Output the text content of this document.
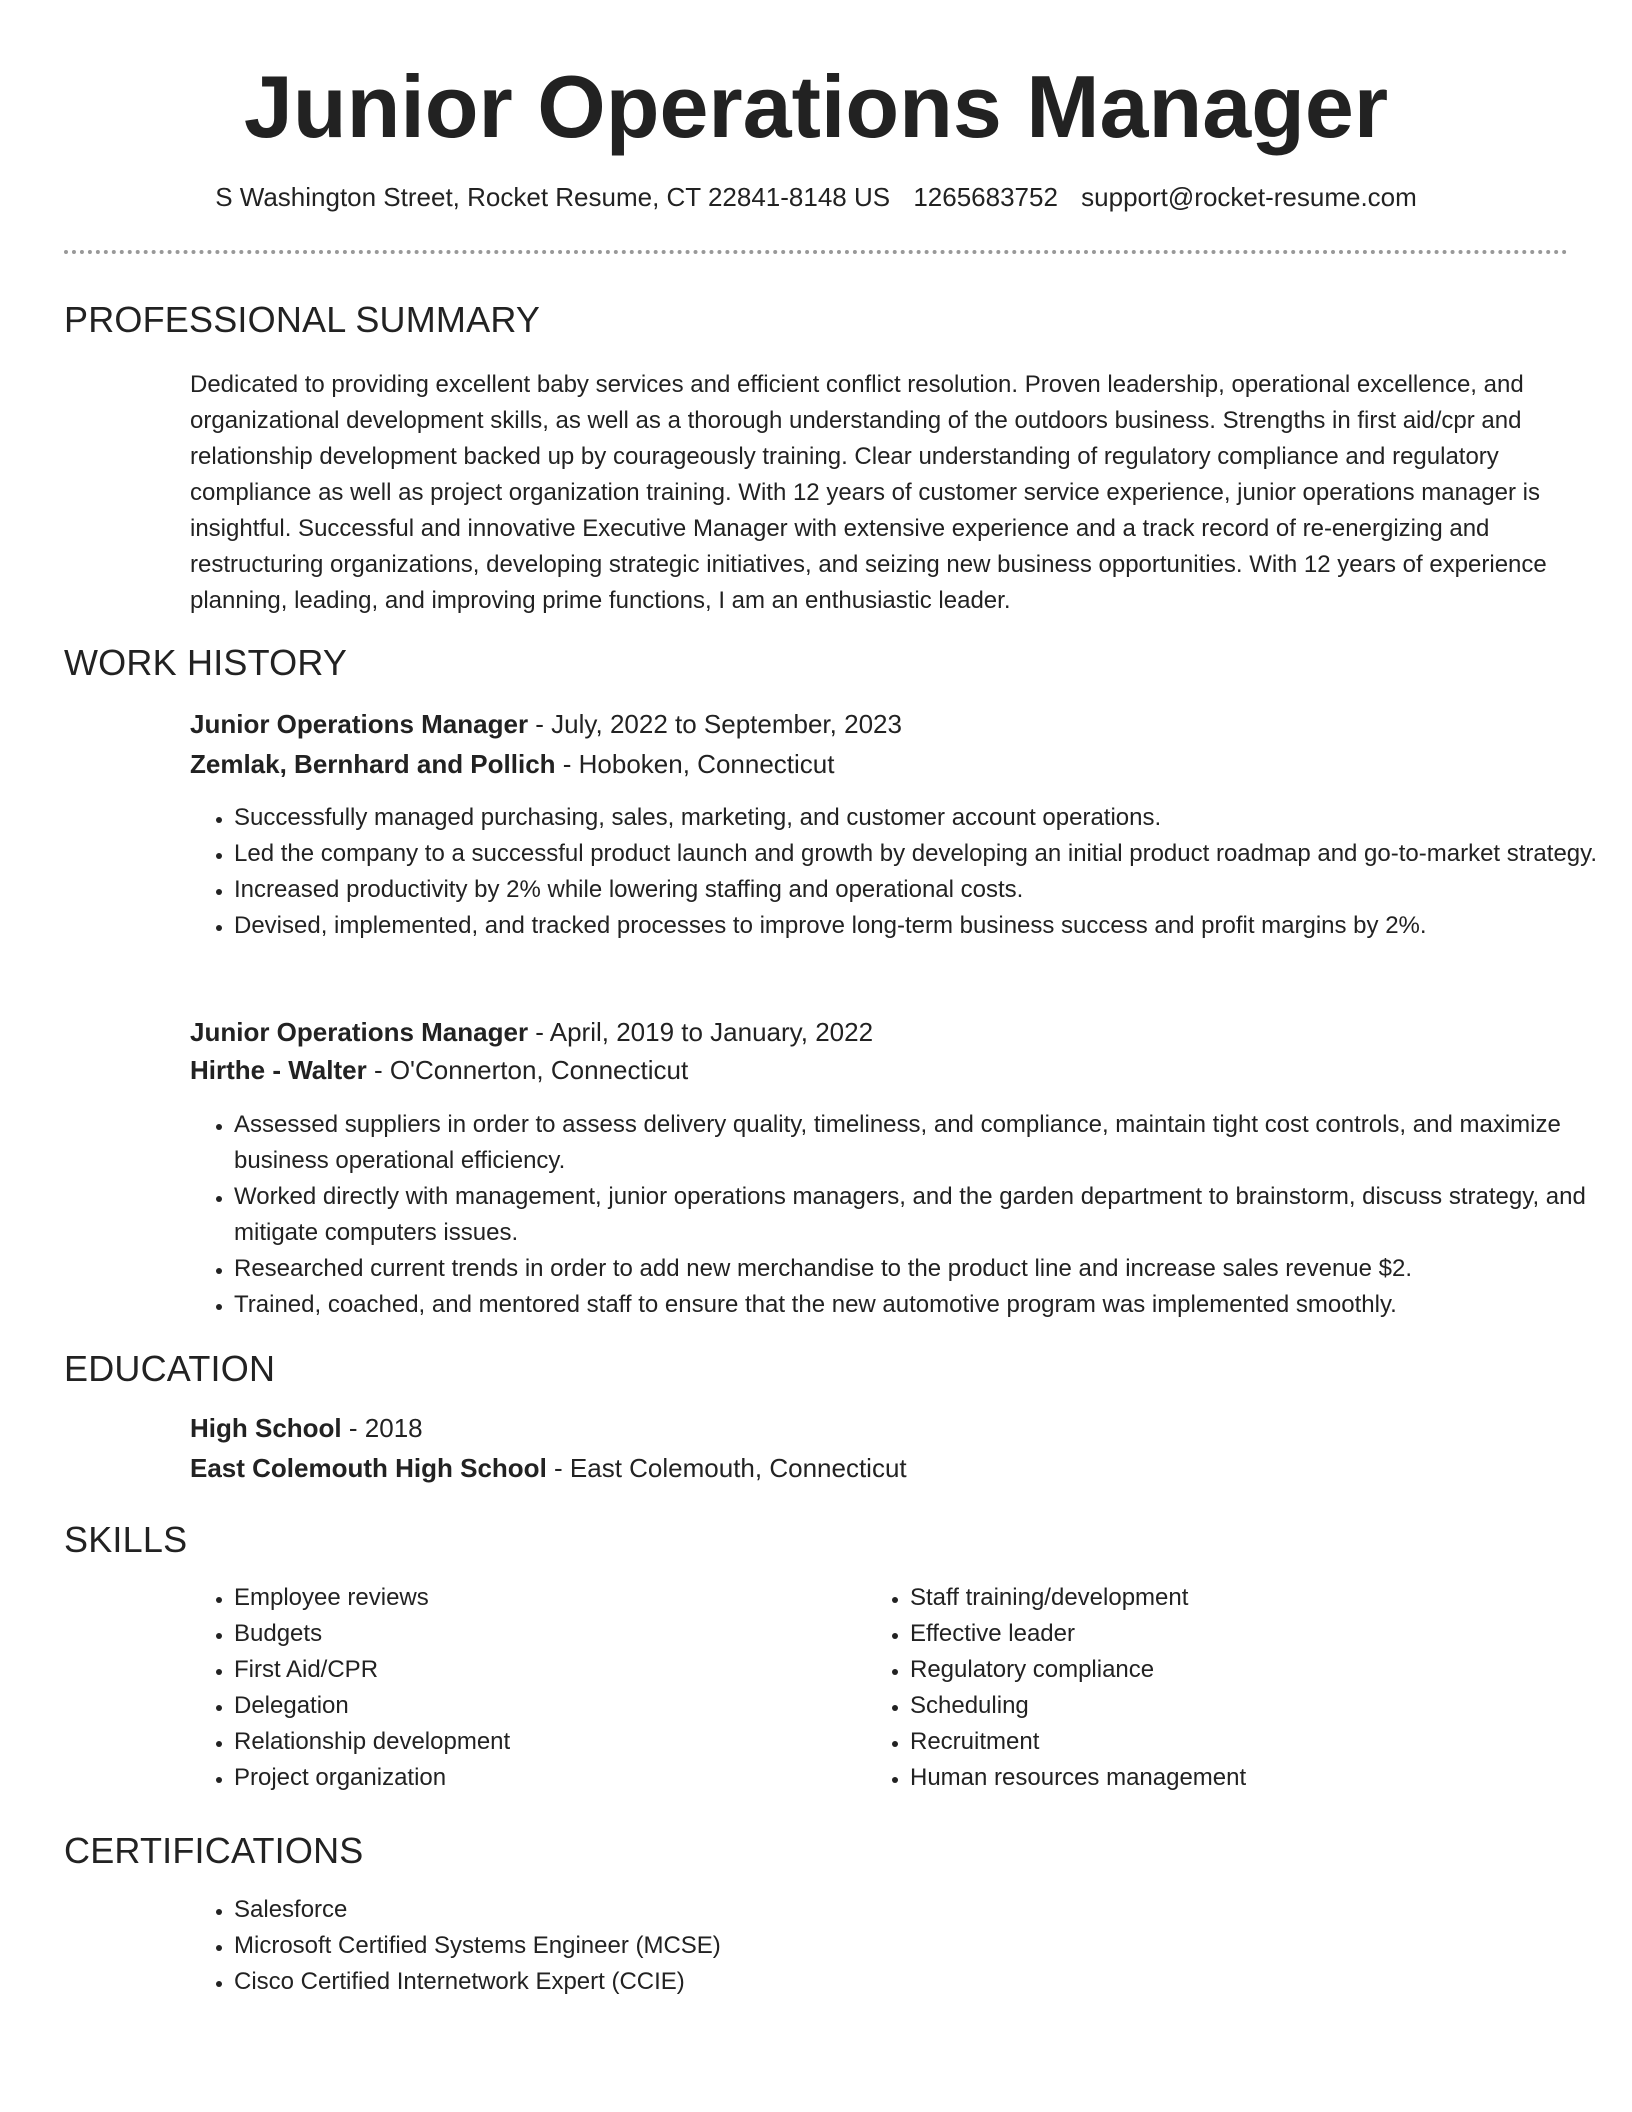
Junior Operations Manager
S Washington Street, Rocket Resume, CT 22841-8148 US 1265683752 support@rocket-resume.com
PROFESSIONAL SUMMARY
Dedicated to providing excellent baby services and efficient conflict resolution. Proven leadership, operational excellence, and organizational development skills, as well as a thorough understanding of the outdoors business. Strengths in first aid/cpr and relationship development backed up by courageously training. Clear understanding of regulatory compliance and regulatory compliance as well as project organization training. With 12 years of customer service experience, junior operations manager is insightful. Successful and innovative Executive Manager with extensive experience and a track record of re-energizing and restructuring organizations, developing strategic initiatives, and seizing new business opportunities. With 12 years of experience planning, leading, and improving prime functions, I am an enthusiastic leader.
WORK HISTORY
Junior Operations Manager - July, 2022 to September, 2023
Zemlak, Bernhard and Pollich - Hoboken, Connecticut
• Successfully managed purchasing, sales, marketing, and customer account operations.
• Led the company to a successful product launch and growth by developing an initial product roadmap and go-to-market strategy.
• Increased productivity by 2% while lowering staffing and operational costs.
• Devised, implemented, and tracked processes to improve long-term business success and profit margins by 2%.
Junior Operations Manager - April, 2019 to January, 2022
Hirthe - Walter - O'Connerton, Connecticut
• Assessed suppliers in order to assess delivery quality, timeliness, and compliance, maintain tight cost controls, and maximize business operational efficiency.
• Worked directly with management, junior operations managers, and the garden department to brainstorm, discuss strategy, and mitigate computers issues.
• Researched current trends in order to add new merchandise to the product line and increase sales revenue $2.
• Trained, coached, and mentored staff to ensure that the new automotive program was implemented smoothly.
EDUCATION
High School - 2018
East Colemouth High School - East Colemouth, Connecticut
SKILLS
• Employee reviews
• Budgets
• First Aid/CPR
• Delegation
• Relationship development
• Project organization
• Staff training/development
• Effective leader
• Regulatory compliance
• Scheduling
• Recruitment
• Human resources management
CERTIFICATIONS
• Salesforce
• Microsoft Certified Systems Engineer (MCSE)
• Cisco Certified Internetwork Expert (CCIE)
